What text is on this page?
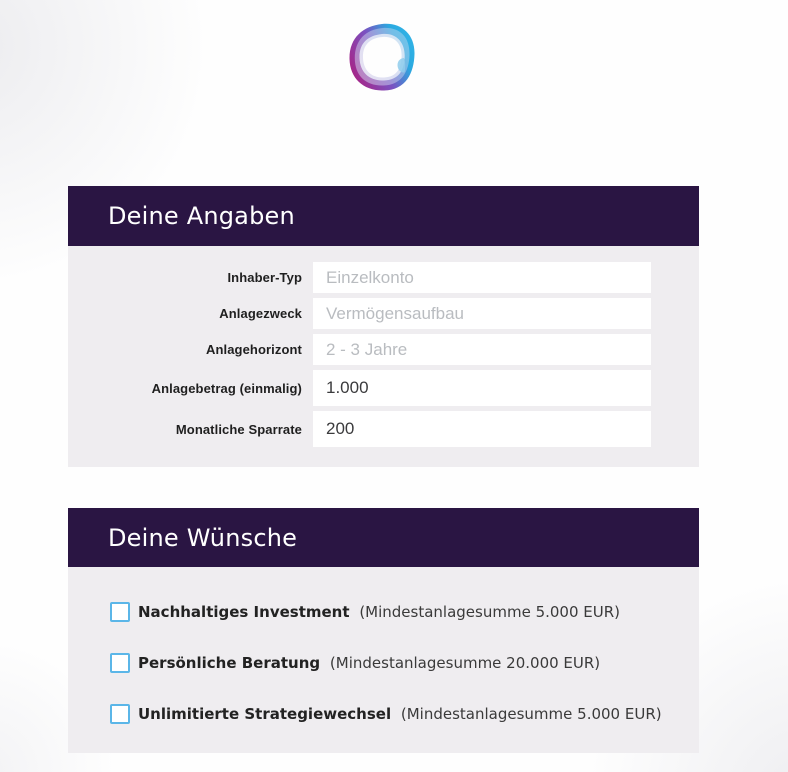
Deine Angaben
Inhaber-Typ
Einzelkonto
Anlagezweck
Vermögensaufbau
Anlagehorizont
2 - 3 Jahre
Anlagebetrag (einmalig)
1.000
Monatliche Sparrate
200
Deine Wünsche
Nachhaltiges Investment (Mindestanlagesumme 5.000 EUR)
Persönliche Beratung (Mindestanlagesumme 20.000 EUR)
Unlimitierte Strategiewechsel (Mindestanlagesumme 5.000 EUR)
